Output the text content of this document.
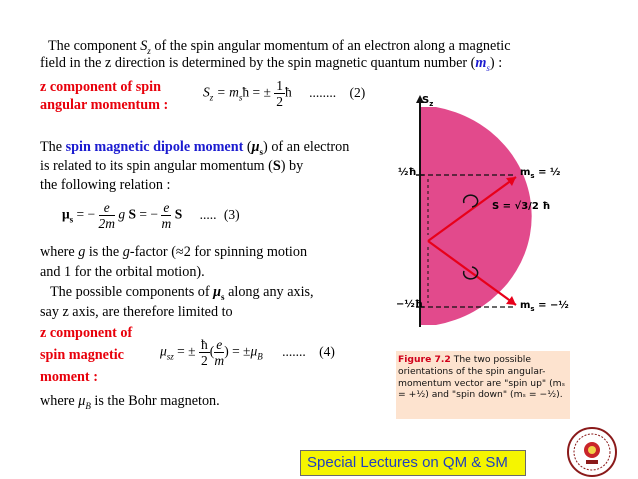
The component $S_z$ of the spin angular momentum of an electron along a magnetic
field in the z direction is determined by the spin magnetic quantum number $(m_s)$ :
z component of spin
angular momentum :
$S_z$ = $m_sħ$ = ± $\frac{1}{2}$ ħ ........ (2)
The spin magnetic dipole moment $(\mu_s)$ of an electron
is related to its spin angular momentum (S) by
the following relation :
$\mu_s$ = − $\frac{e}{2m}$ g S = − $\frac{e}{m}$ S ..... (3)
where g is the g-factor (≈2 for spinning motion
and 1 for the orbital motion).
The possible components of $\mu_s$ along any axis,
say z axis, are therefore limited to
z component of
spin magnetic
moment :
$\mu_{sz}$ = ± $\frac{ħ}{2}$ ( $\frac{e}{m}$ ) = $\pm\mu_B$ ....... (4)
where $\mu_B$ is the Bohr magneton.
$S_z$
½ħ
−½ħ
$m_s$ = ½
$m_s$ = −½
S = √3/2 ħ
Figure 7.2 The two possible orientations of the spin angular-momentum vector are "spin up" (mₛ = +½) and "spin down" (mₛ = −½).
Special Lectures on QM & SM
